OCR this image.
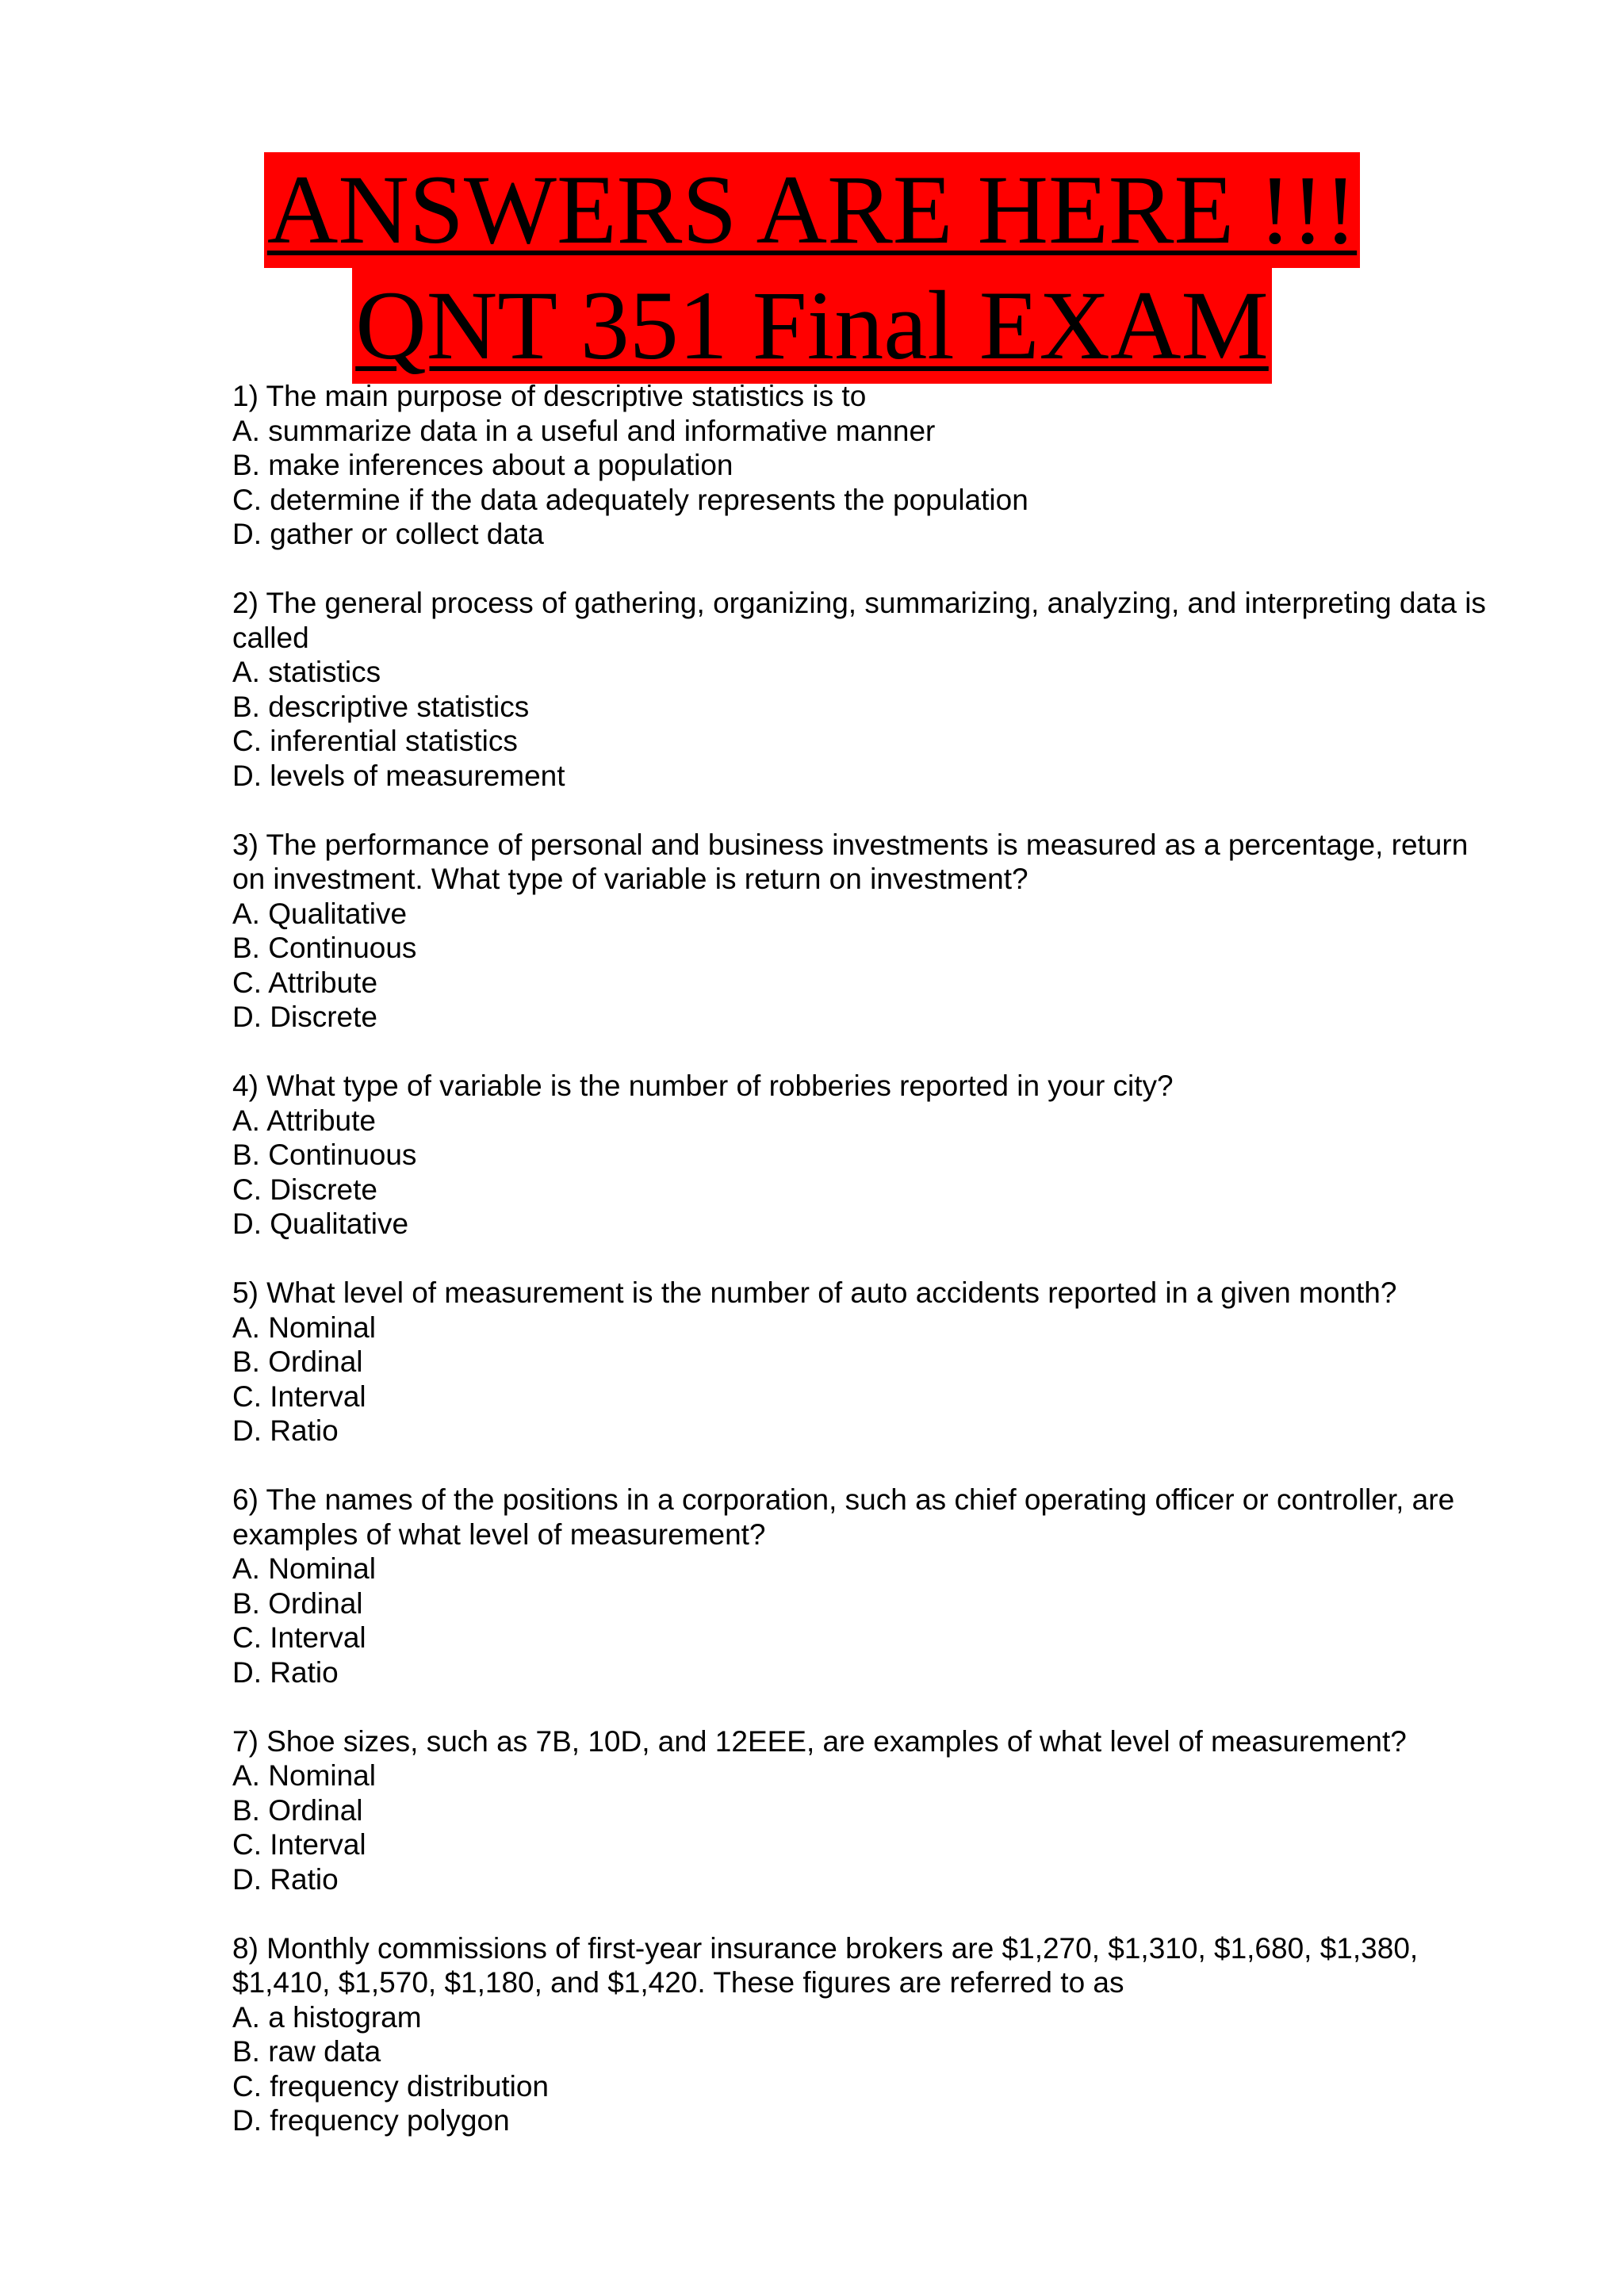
ANSWERS ARE HERE !!!
QNT 351 Final EXAM
1) The main purpose of descriptive statistics is to
A. summarize data in a useful and informative manner
B. make inferences about a population
C. determine if the data adequately represents the population
D. gather or collect data
2) The general process of gathering, organizing, summarizing, analyzing, and interpreting data is called
A. statistics
B. descriptive statistics
C. inferential statistics
D. levels of measurement
3) The performance of personal and business investments is measured as a percentage, return on investment. What type of variable is return on investment?
A. Qualitative
B. Continuous
C. Attribute
D. Discrete
4) What type of variable is the number of robberies reported in your city?
A. Attribute
B. Continuous
C. Discrete
D. Qualitative
5) What level of measurement is the number of auto accidents reported in a given month?
A. Nominal
B. Ordinal
C. Interval
D. Ratio
6) The names of the positions in a corporation, such as chief operating officer or controller, are examples of what level of measurement?
A. Nominal
B. Ordinal
C. Interval
D. Ratio
7) Shoe sizes, such as 7B, 10D, and 12EEE, are examples of what level of measurement?
A. Nominal
B. Ordinal
C. Interval
D. Ratio
8) Monthly commissions of first-year insurance brokers are $1,270, $1,310, $1,680, $1,380, $1,410, $1,570, $1,180, and $1,420. These figures are referred to as
A. a histogram
B. raw data
C. frequency distribution
D. frequency polygon
